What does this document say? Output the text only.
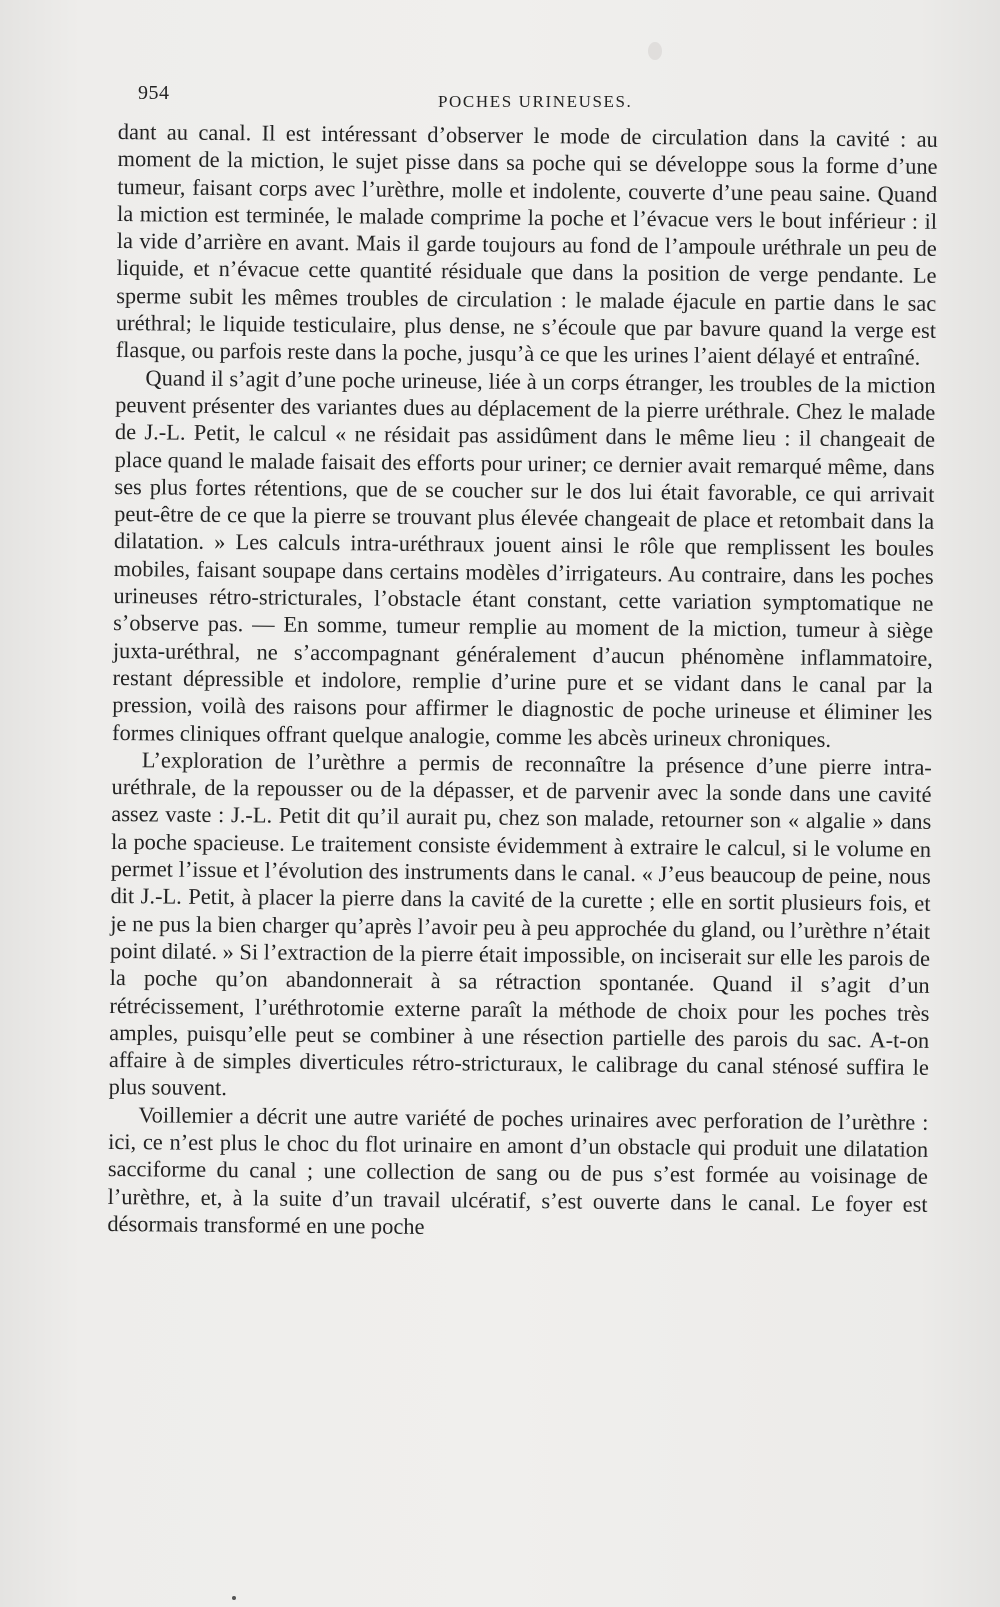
954	POCHES URINEUSES.

dant au canal. Il est intéressant d’observer le mode de circulation dans la cavité : au moment de la miction, le sujet pisse dans sa poche qui se développe sous la forme d’une tumeur, faisant corps avec l’urèthre, molle et indolente, couverte d’une peau saine. Quand la miction est terminée, le malade comprime la poche et l’évacue vers le bout inférieur : il la vide d’arrière en avant. Mais il garde toujours au fond de l’ampoule uréthrale un peu de liquide, et n’évacue cette quantité résiduale que dans la position de verge pendante. Le sperme subit les mêmes troubles de circulation : le malade éjacule en partie dans le sac uréthral; le liquide testiculaire, plus dense, ne s’écoule que par bavure quand la verge est flasque, ou parfois reste dans la poche, jusqu’à ce que les urines l’aient délayé et entraîné.

Quand il s’agit d’une poche urineuse, liée à un corps étranger, les troubles de la miction peuvent présenter des variantes dues au déplacement de la pierre uréthrale. Chez le malade de J.-L. Petit, le calcul « ne résidait pas assidûment dans le même lieu : il changeait de place quand le malade faisait des efforts pour uriner; ce dernier avait remarqué même, dans ses plus fortes rétentions, que de se coucher sur le dos lui était favorable, ce qui arrivait peut-être de ce que la pierre se trouvant plus élevée changeait de place et retombait dans la dilatation. » Les calculs intra-uréthraux jouent ainsi le rôle que remplissent les boules mobiles, faisant soupape dans certains modèles d’irrigateurs. Au contraire, dans les poches urineuses rétro-stricturales, l’obstacle étant constant, cette variation symptomatique ne s’observe pas. — En somme, tumeur remplie au moment de la miction, tumeur à siège juxta-uréthral, ne s’accompagnant généralement d’aucun phénomène inflammatoire, restant dépressible et indolore, remplie d’urine pure et se vidant dans le canal par la pression, voilà des raisons pour affirmer le diagnostic de poche urineuse et éliminer les formes cliniques offrant quelque analogie, comme les abcès urineux chroniques.

L’exploration de l’urèthre a permis de reconnaître la présence d’une pierre intra-uréthrale, de la repousser ou de la dépasser, et de parvenir avec la sonde dans une cavité assez vaste : J.-L. Petit dit qu’il aurait pu, chez son malade, retourner son « algalie » dans la poche spacieuse. Le traitement consiste évidemment à extraire le calcul, si le volume en permet l’issue et l’évolution des instruments dans le canal. « J’eus beaucoup de peine, nous dit J.-L. Petit, à placer la pierre dans la cavité de la curette ; elle en sortit plusieurs fois, et je ne pus la bien charger qu’après l’avoir peu à peu approchée du gland, ou l’urèthre n’était point dilaté. » Si l’extraction de la pierre était impossible, on inciserait sur elle les parois de la poche qu’on abandonnerait à sa rétraction spontanée. Quand il s’agit d’un rétrécissement, l’uréthrotomie externe paraît la méthode de choix pour les poches très amples, puisqu’elle peut se combiner à une résection partielle des parois du sac. A-t-on affaire à de simples diverticules rétro-stricturaux, le calibrage du canal sténosé suffira le plus souvent.

Voillemier a décrit une autre variété de poches urinaires avec perforation de l’urèthre : ici, ce n’est plus le choc du flot urinaire en amont d’un obstacle qui produit une dilatation sacciforme du canal ; une collection de sang ou de pus s’est formée au voisinage de l’urèthre, et, à la suite d’un travail ulcératif, s’est ouverte dans le canal. Le foyer est désormais transformé en une poche
